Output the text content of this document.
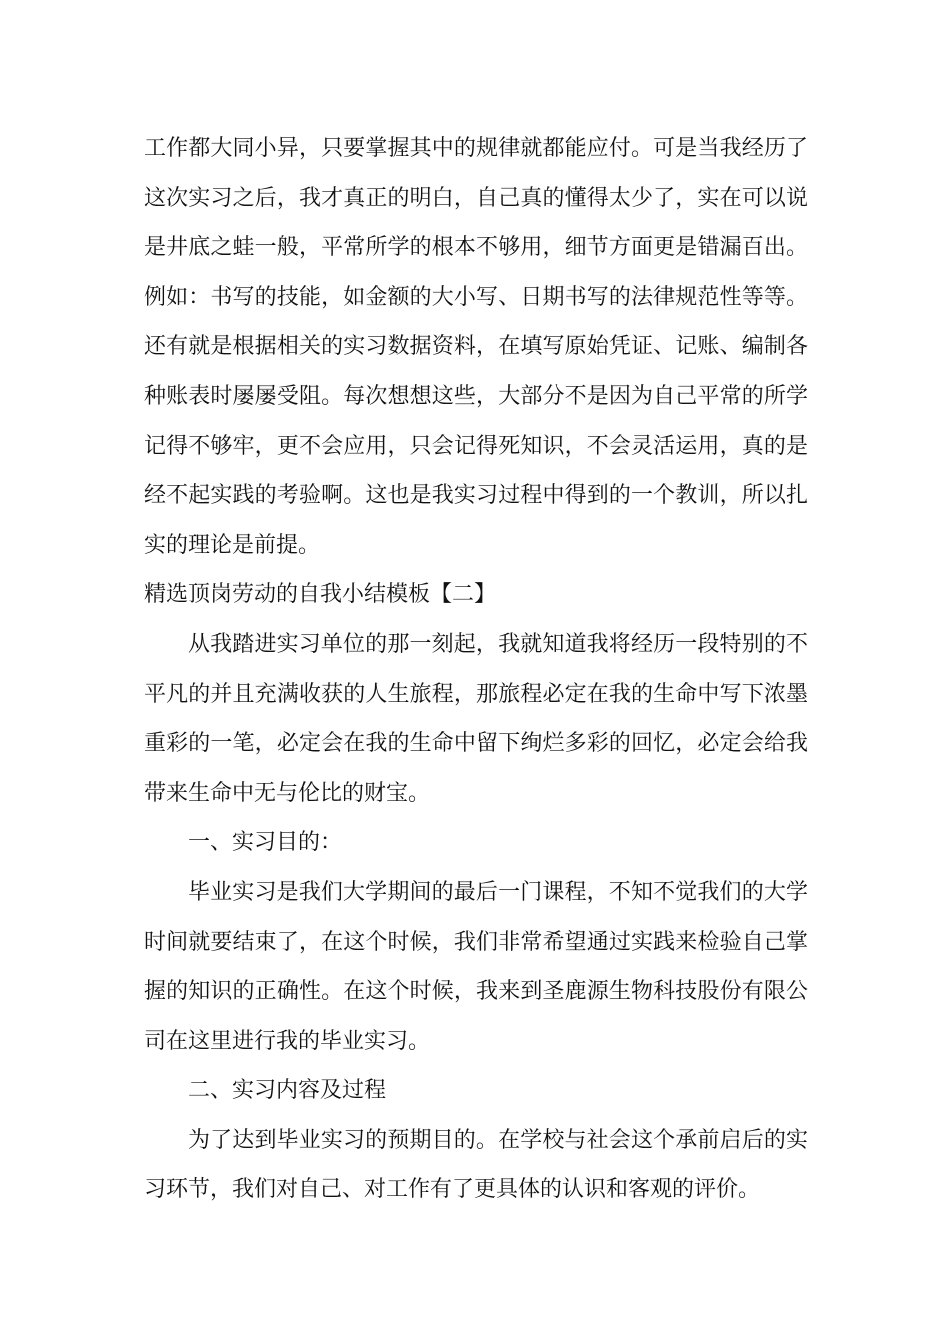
工作都大同小异，只要掌握其中的规律就都能应付。可是当我经历了这次实习之后，我才真正的明白，自己真的懂得太少了，实在可以说是井底之蛙一般，平常所学的根本不够用，细节方面更是错漏百出。例如：书写的技能，如金额的大小写、日期书写的法律规范性等等。还有就是根据相关的实习数据资料，在填写原始凭证、记账、编制各种账表时屡屡受阻。每次想想这些，大部分不是因为自己平常的所学记得不够牢，更不会应用，只会记得死知识，不会灵活运用，真的是经不起实践的考验啊。这也是我实习过程中得到的一个教训，所以扎实的理论是前提。

精选顶岗劳动的自我小结模板【二】

从我踏进实习单位的那一刻起，我就知道我将经历一段特别的不平凡的并且充满收获的人生旅程，那旅程必定在我的生命中写下浓墨重彩的一笔，必定会在我的生命中留下绚烂多彩的回忆，必定会给我带来生命中无与伦比的财宝。

一、实习目的：

毕业实习是我们大学期间的最后一门课程，不知不觉我们的大学时间就要结束了，在这个时候，我们非常希望通过实践来检验自己掌握的知识的正确性。在这个时候，我来到圣鹿源生物科技股份有限公司在这里进行我的毕业实习。

二、实习内容及过程

为了达到毕业实习的预期目的。在学校与社会这个承前启后的实习环节，我们对自己、对工作有了更具体的认识和客观的评价。
